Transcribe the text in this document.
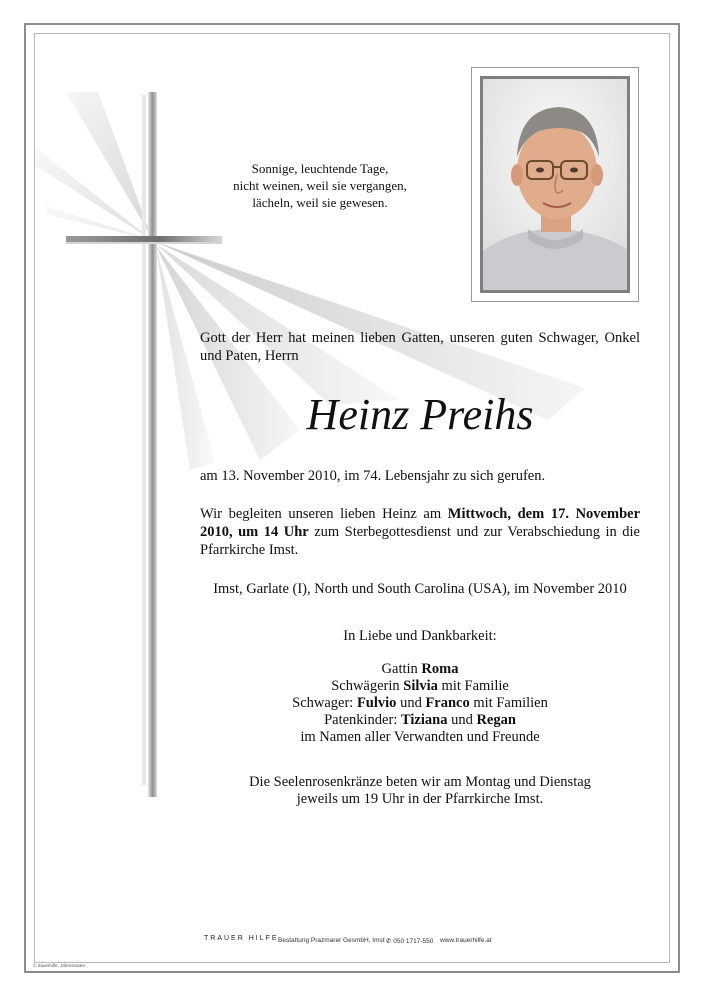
Sonnige, leuchtende Tage,
nicht weinen, weil sie vergangen,
lächeln, weil sie gewesen.
Gott der Herr hat meinen lieben Gatten, unseren guten Schwager, Onkel und Paten, Herrn
Heinz Preihs
am 13. November 2010, im 74. Lebensjahr zu sich gerufen.
Wir begleiten unseren lieben Heinz am Mittwoch, dem 17. November 2010, um 14 Uhr zum Sterbegottesdienst und zur Verabschiedung in die Pfarrkirche Imst.
Imst, Garlate (I), North und South Carolina (USA), im November 2010
In Liebe und Dankbarkeit:
Gattin Roma
Schwägerin Silvia mit Familie
Schwager: Fulvio und Franco mit Familien
Patenkinder: Tiziana und Regan
im Namen aller Verwandten und Freunde
Die Seelenrosenkränze beten wir am Montag und Dienstag
jeweils um 19 Uhr in der Pfarrkirche Imst.
TRAUER HILFE Bestattung Prazmarer GesmbH, Imst ✆ 050 1717-550 www.trauerhilfe.at
© trauerhilfe, Jahresraster
